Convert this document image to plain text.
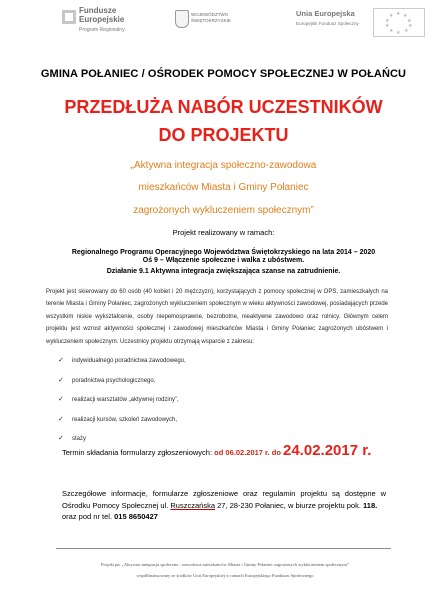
Fundusze Europejskie
Program Regionalny
WOJEWÓDZTWO ŚWIĘTOKRZYSKIE
Unia Europejska
Europejski Fundusz Społeczny
★ ★
★
★
★
★
★
★
★
★
GMINA POŁANIEC / OŚRODEK POMOCY SPOŁECZNEJ W POŁAŃCU
PRZEDŁUŻA NABÓR UCZESTNIKÓW
DO PROJEKTU
„Aktywna integracja społeczno-zawodowa
mieszkańców Miasta i Gminy Połaniec
zagrożonych wykluczeniem społecznym”
Projekt realizowany w ramach:
Regionalnego Programu Operacyjnego Województwa Świętokrzyskiego na lata 2014 – 2020
Oś 9 – Włączenie społeczne i walka z ubóstwem.
Działanie 9.1 Aktywna integracja zwiększająca szanse na zatrudnienie.
Projekt jest skierowany do 60 osób (40 kobiet i 20 mężczyzn), korzystających z pomocy społecznej w OPS, zamieszkałych na terenie Miasta i Gminy Połaniec, zagrożonych wykluczeniem społecznym w wieku aktywności zawodowej, posiadających przede wszystkim niskie wykształcenie, osoby niepełnosprawne, bezrobotne, nieaktywne zawodowo oraz rolnicy. Głównym celem projektu jest wzrost aktywności społecznej i zawodowej mieszkańców Miasta i Gminy Połaniec zagrożonych ubóstwem i wykluczeniem społecznym. Uczestnicy projektu otrzymają wsparcie z zakresu:
✓ indywidualnego poradnictwa zawodowego,
✓ poradnictwa psychologicznego,
✓ realizacji warsztatów „aktywnej rodziny”,
✓ realizacji kursów, szkoleń zawodowych,
✓ staży
Termin składania formularzy zgłoszeniowych: od 06.02.2017 r. do 24.02.2017 r.
Szczegółowe informacje, formularze zgłoszeniowe oraz regulamin projektu są dostępne w Ośrodku Pomocy Społecznej ul. Ruszczańska 27, 28-230 Połaniec, w biurze projektu pok. 118.
oraz pod nr tel. 015 8650427
Projekt pn. „Aktywna integracja społeczno - zawodowa mieszkańców Miasta i Gminy Połaniec zagrożonych wykluczeniem społecznym”
współfinansowany ze środków Unii Europejskiej w ramach Europejskiego Funduszu Społecznego
